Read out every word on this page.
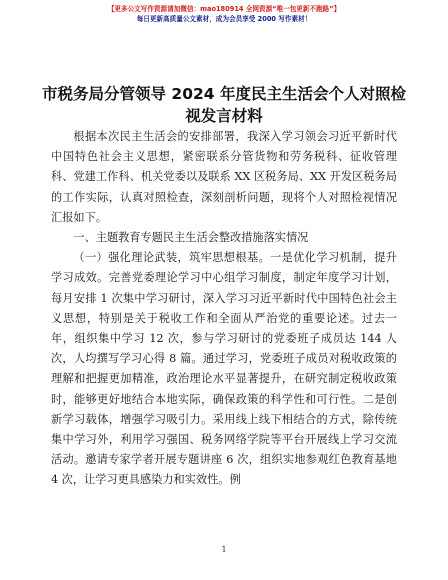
【更多公文写作资源请加微信：mao180914 全网资源“唯一包更新不跑路”】
每日更新高质量公文素材，成为会员享受 2000 写作素材！
市税务局分管领导 2024 年度民主生活会个人对照检视发言材料

根据本次民主生活会的安排部署，我深入学习领会习近平新时代中国特色社会主义思想，紧密联系分管货物和劳务税科、征收管理科、党建工作科、机关党委以及联系 XX 区税务局、XX 开发区税务局的工作实际，认真对照检查，深刻剖析问题，现将个人对照检视情况汇报如下。

一、主题教育专题民主生活会整改措施落实情况

（一）强化理论武装，筑牢思想根基。一是优化学习机制，提升学习成效。完善党委理论学习中心组学习制度，制定年度学习计划，每月安排 1 次集中学习研讨，深入学习习近平新时代中国特色社会主义思想，特别是关于税收工作和全面从严治党的重要论述。过去一年，组织集中学习 12 次，参与学习研讨的党委班子成员达 144 人次，人均撰写学习心得 8 篇。通过学习，党委班子成员对税收政策的理解和把握更加精准，政治理论水平显著提升，在研究制定税收政策时，能够更好地结合本地实际，确保政策的科学性和可行性。二是创新学习载体，增强学习吸引力。采用线上线下相结合的方式，除传统集中学习外，利用学习强国、税务网络学院等平台开展线上学习交流活动。邀请专家学者开展专题讲座 6 次，组织实地参观红色教育基地 4 次，让学习更具感染力和实效性。例

1
